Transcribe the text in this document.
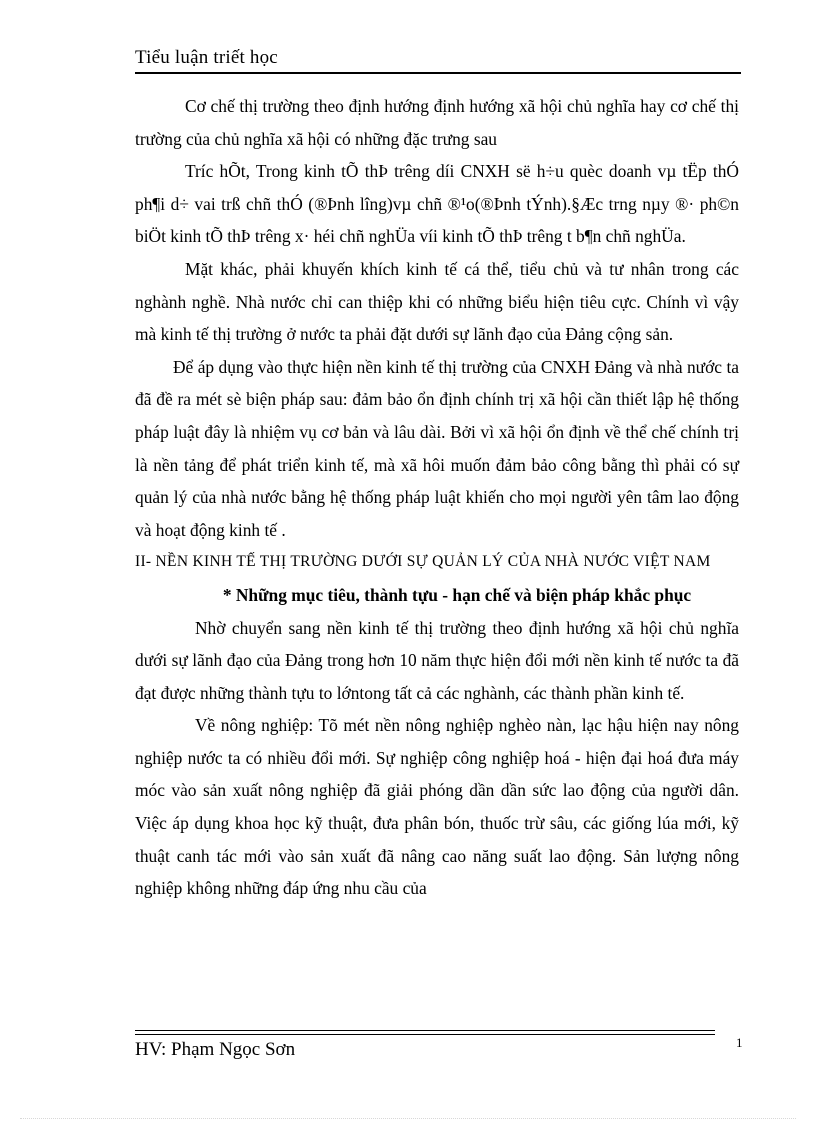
Tiểu luận triết học

Cơ chế thị trường theo định hướng định hướng xã hội chủ nghĩa hay cơ chế thị trường của chủ nghĩa xã hội có những đặc trưng sau

Tríc hÕt, Trong kinh tÕ thÞ trêng díi CNXH së h÷u quèc doanh vµ tËp thÓ ph¶i d÷ vai trß chñ thÓ (®Þnh lîng)vµ chñ ®¹o(®Þnh tÝnh).§Æc trng nµy ®· ph©n biÖt kinh tÕ thÞ trêng x· héi chñ nghÜa víi kinh tÕ thÞ trêng t b¶n chñ nghÜa.

Mặt khác, phải khuyến khích kinh tế cá thể, tiểu chủ và tư nhân trong các nghành nghề. Nhà nước chỉ can thiệp khi có những biểu hiện tiêu cực. Chính vì vậy mà kinh tế thị trường ở nước ta phải đặt dưới sự lãnh đạo của Đảng cộng sản.

Để áp dụng vào thực hiện nền kinh tế thị trường của CNXH Đảng và nhà nước ta đã đề ra mét sè biện pháp sau: đảm bảo ổn định chính trị xã hội cần thiết lập hệ thống pháp luật đây là nhiệm vụ cơ bản và lâu dài. Bởi vì xã hội ổn định về thể chế chính trị là nền tảng để phát triển kinh tế, mà xã hôi muốn đảm bảo công bằng thì phải có sự quản lý của nhà nước bằng hệ thống pháp luật khiến cho mọi người yên tâm lao động và hoạt động kinh tế .

II- NỀN KINH TẾ THỊ TRƯỜNG DƯỚI SỰ QUẢN LÝ CỦA NHÀ NƯỚC VIỆT NAM

* Những mục tiêu, thành tựu - hạn chế và biện pháp khắc phục

Nhờ chuyển sang nền kinh tế thị trường theo định hướng xã hội chủ nghĩa dưới sự lãnh đạo của Đảng trong hơn 10 năm thực hiện đổi mới nền kinh tế nước ta đã đạt được những thành tựu to lớntong tất cả các nghành, các thành phần kinh tế.

Về nông nghiệp: Tõ mét nền nông nghiệp nghèo nàn, lạc hậu hiện nay nông nghiệp nước ta có nhiều đổi mới. Sự nghiệp công nghiệp hoá - hiện đại hoá đưa máy móc vào sản xuất nông nghiệp đã giải phóng dần dần sức lao động của người dân. Việc áp dụng khoa học kỹ thuật, đưa phân bón, thuốc trừ sâu, các giống lúa mới, kỹ thuật canh tác mới vào sản xuất đã nâng cao năng suất lao động. Sản lượng nông nghiệp không những đáp ứng nhu cầu của

HV: Phạm Ngọc Sơn	1
